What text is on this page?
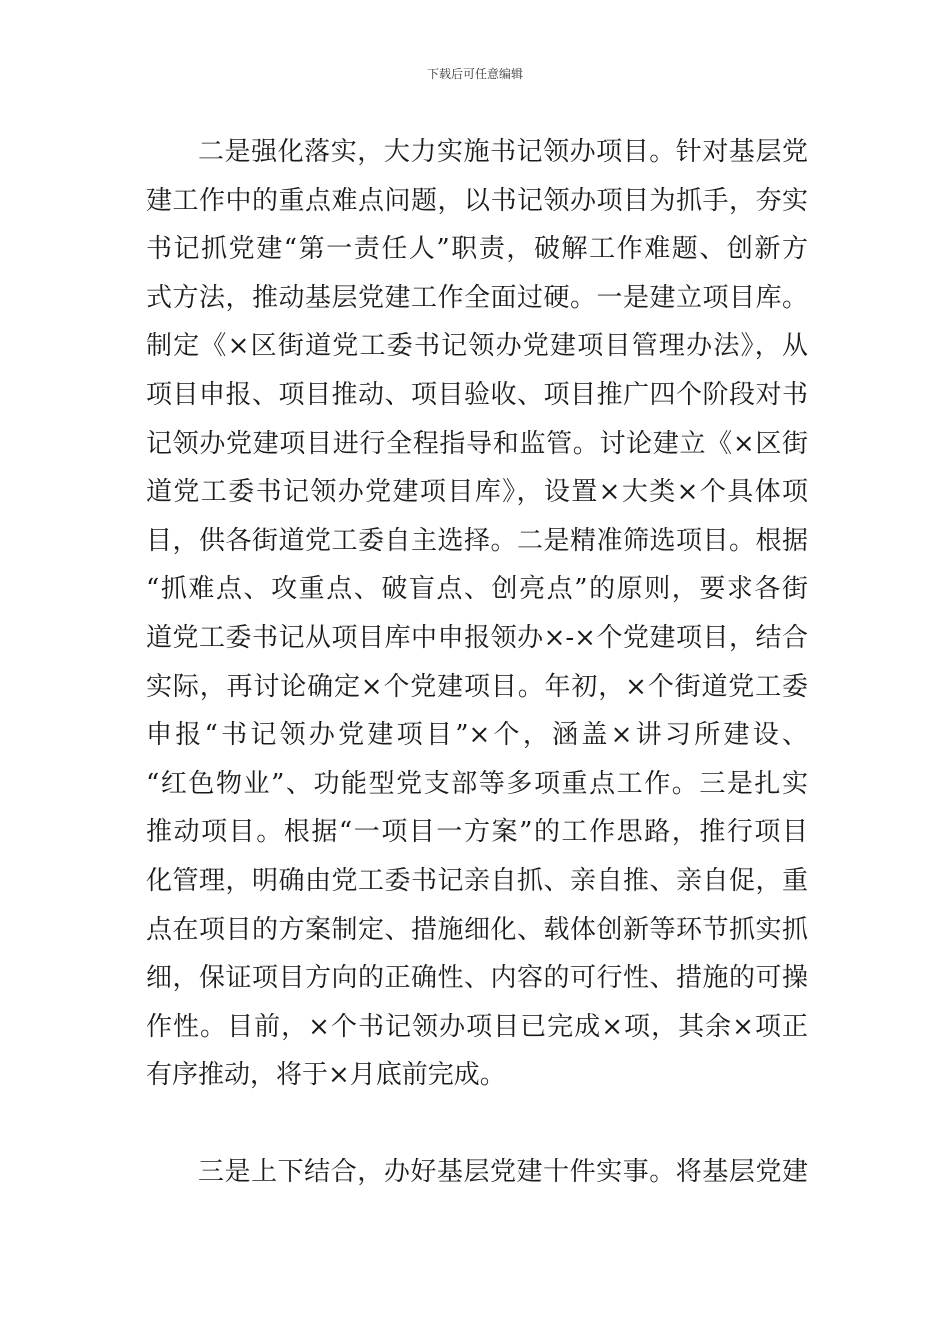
下载后可任意编辑
二是强化落实，大力实施书记领办项目。针对基层党
建工作中的重点难点问题，以书记领办项目为抓手，夯实
书记抓党建“第一责任人”职责，破解工作难题、创新方
式方法，推动基层党建工作全面过硬。一是建立项目库。
制定《×区街道党工委书记领办党建项目管理办法》，从
项目申报、项目推动、项目验收、项目推广四个阶段对书
记领办党建项目进行全程指导和监管。讨论建立《×区街
道党工委书记领办党建项目库》，设置×大类×个具体项
目，供各街道党工委自主选择。二是精准筛选项目。根据
“抓难点、攻重点、破盲点、创亮点”的原则，要求各街
道党工委书记从项目库中申报领办×-×个党建项目，结合
实际，再讨论确定×个党建项目。年初，×个街道党工委
申报“书记领办党建项目”×个，涵盖×讲习所建设、
“红色物业”、功能型党支部等多项重点工作。三是扎实
推动项目。根据“一项目一方案”的工作思路，推行项目
化管理，明确由党工委书记亲自抓、亲自推、亲自促，重
点在项目的方案制定、措施细化、载体创新等环节抓实抓
细，保证项目方向的正确性、内容的可行性、措施的可操
作性。目前，×个书记领办项目已完成×项，其余×项正
有序推动，将于×月底前完成。
三是上下结合，办好基层党建十件实事。将基层党建
